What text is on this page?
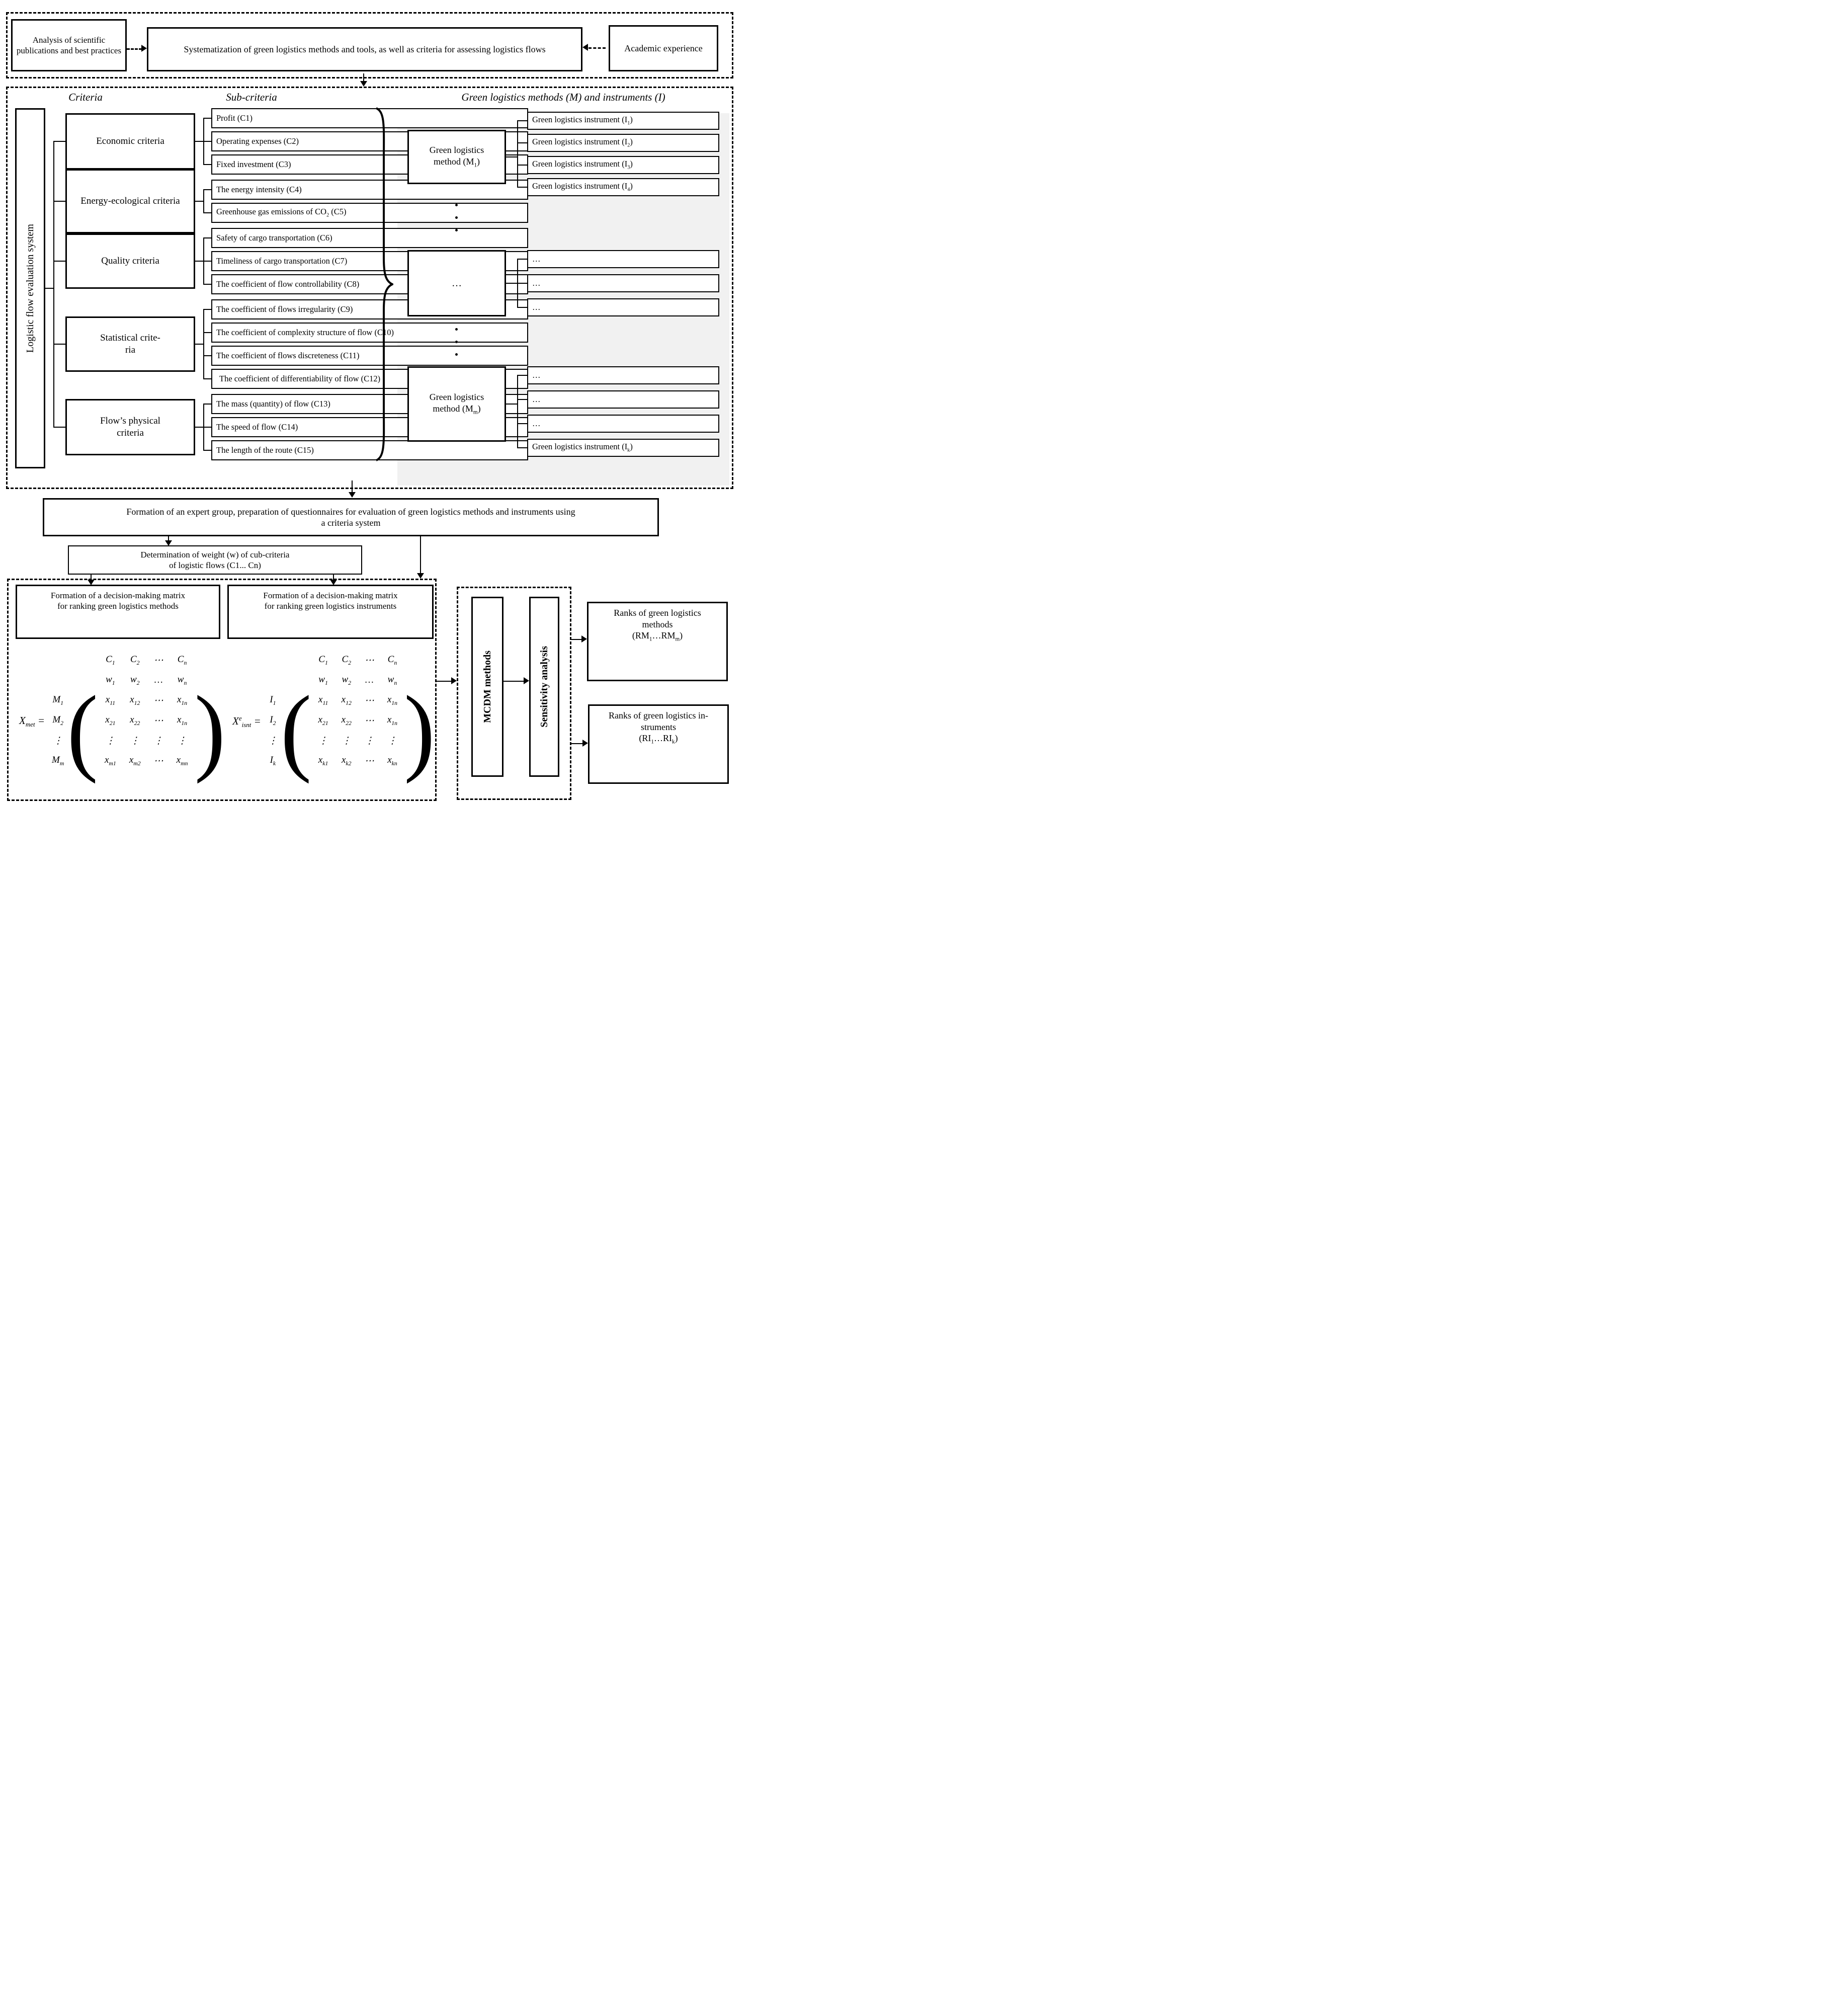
Analysis of scientific publications and best practices	Systematization of green logistics methods and tools, as well as criteria for assessing logistics flows	Academic experience
Criteria	Sub-criteria	Green logistics methods (M) and instruments (I)
Logistic flow evaluation system
Economic criteria
Energy-ecological criteria
Quality criteria
Statistical crite-
ria
Flow’s physical
criteria
Profit (C1)
Operating expenses (C2)
Fixed investment (C3)
The energy intensity (C4)
Greenhouse gas emissions of $CO_2$ (C5)
Safety of cargo transportation (C6)
Timeliness of cargo transportation (C7)
The coefficient of flow controllability (C8)
The coefficient of flows irregularity (C9)
The coefficient of complexity structure of flow (C10)
The coefficient of flows discreteness (C11)
The coefficient of differentiability of flow (C12)
The mass (quantity) of flow (C13)
The speed of flow (C14)
The length of the route (C15)
Green logistics
method $(M_1)$
Green logistics instrument $(I_1)$
Green logistics instrument $(I_2)$
Green logistics instrument $(I_3)$
Green logistics instrument $(I_4)$
…
…
…
…
Green logistics
method $(M_m)$
…
…
…
Green logistics instrument $(I_k)$
Formation of an expert group, preparation of questionnaires for evaluation of green logistics methods and instruments using
a criteria system
Determination of weight (w) of cub-criteria
of logistic flows (C1... Cn)
Formation of a decision-making matrix
for ranking green logistics methods
Formation of a decision-making matrix
for ranking green logistics instruments
$X_{met}$ =
		$C_1$	$C_2$	⋯	$C_n$	
		$w_1$	$w_2$	…	$w_n$	
$M_1$	(	$x_{11}$	$x_{12}$	⋯	$x_{1n}$	)
$M_2$		$x_{21}$	$x_{22}$	⋯	$x_{1n}$
⋮		⋮	⋮	⋮	⋮	
$M_m$		$x_{m1}$	$x_{m2}$	⋯	$x_{mn}$
$X^e_{isnt}$ =
		$C_1$	$C_2$	⋯	$C_n$	
		$w_1$	$w_2$	…	$w_n$	
$I_1$	(	$x_{11}$	$x_{12}$	⋯	$x_{1n}$	)
$I_2$		$x_{21}$	$x_{22}$	⋯	$x_{1n}$
⋮		⋮	⋮	⋮	⋮	
$I_k$		$x_{k1}$	$x_{k2}$	⋯	$x_{kn}$
MCDM methods	Sensitivity analysis
Ranks of green logistics
methods
$(RM_1\dots RM_m)$
Ranks of green logistics in-
struments
$(RI_1\dots RI_k)$
